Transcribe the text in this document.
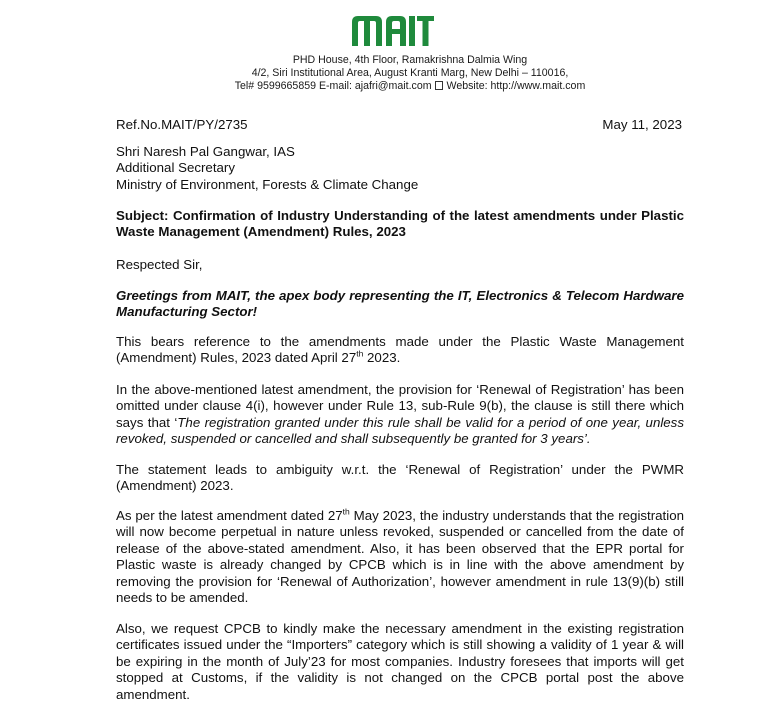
PHD House, 4th Floor, Ramakrishna Dalmia Wing
4/2, Siri Institutional Area, August Kranti Marg, New Delhi – 110016,
Tel# 9599665859 E-mail: ajafri@mait.com Website: http://www.mait.com
Ref.No.MAIT/PY/2735	May 11, 2023
Shri Naresh Pal Gangwar, IAS
Additional Secretary
Ministry of Environment, Forests & Climate Change
Subject: Confirmation of Industry Understanding of the latest amendments under Plastic Waste Management (Amendment) Rules, 2023
Respected Sir,
Greetings from MAIT, the apex body representing the IT, Electronics & Telecom Hardware Manufacturing Sector!
This bears reference to the amendments made under the Plastic Waste Management (Amendment) Rules, 2023 dated April 27th 2023.
In the above-mentioned latest amendment, the provision for ‘Renewal of Registration’ has been omitted under clause 4(i), however under Rule 13, sub-Rule 9(b), the clause is still there which says that ‘The registration granted under this rule shall be valid for a period of one year, unless revoked, suspended or cancelled and shall subsequently be granted for 3 years’.
The statement leads to ambiguity w.r.t. the ‘Renewal of Registration’ under the PWMR (Amendment) 2023.
As per the latest amendment dated 27th May 2023, the industry understands that the registration will now become perpetual in nature unless revoked, suspended or cancelled from the date of release of the above-stated amendment. Also, it has been observed that the EPR portal for Plastic waste is already changed by CPCB which is in line with the above amendment by removing the provision for ‘Renewal of Authorization’, however amendment in rule 13(9)(b) still needs to be amended.
Also, we request CPCB to kindly make the necessary amendment in the existing registration certificates issued under the “Importers” category which is still showing a validity of 1 year & will be expiring in the month of July’23 for most companies. Industry foresees that imports will get stopped at Customs, if the validity is not changed on the CPCB portal post the above amendment.
